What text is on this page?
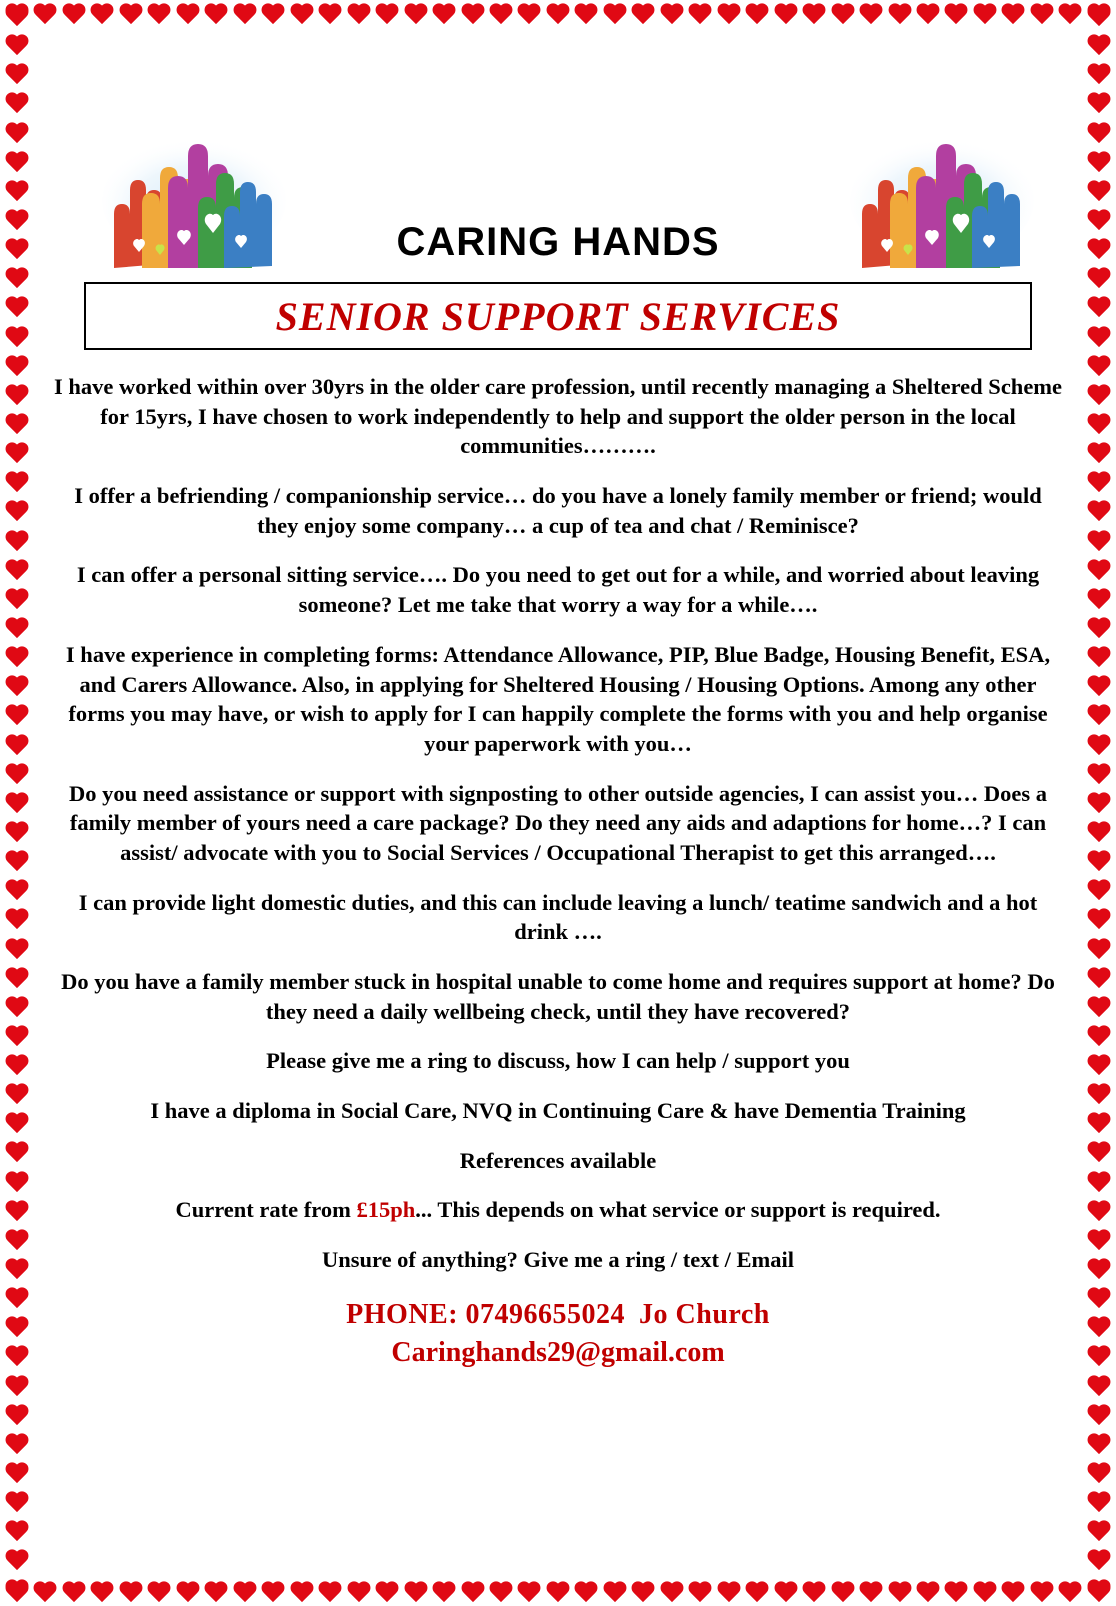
CARING HANDS
SENIOR SUPPORT SERVICES

I have worked within over 30yrs in the older care profession, until recently managing a Sheltered Scheme for 15yrs, I have chosen to work independently to help and support the older person in the local communities……….

I offer a befriending / companionship service… do you have a lonely family member or friend; would they enjoy some company… a cup of tea and chat / Reminisce?

I can offer a personal sitting service…. Do you need to get out for a while, and worried about leaving someone? Let me take that worry a way for a while….

I have experience in completing forms: Attendance Allowance, PIP, Blue Badge, Housing Benefit, ESA, and Carers Allowance. Also, in applying for Sheltered Housing / Housing Options. Among any other forms you may have, or wish to apply for I can happily complete the forms with you and help organise your paperwork with you…

Do you need assistance or support with signposting to other outside agencies, I can assist you… Does a family member of yours need a care package? Do they need any aids and adaptions for home…? I can assist/ advocate with you to Social Services / Occupational Therapist to get this arranged….

I can provide light domestic duties, and this can include leaving a lunch/ teatime sandwich and a hot drink ….

Do you have a family member stuck in hospital unable to come home and requires support at home? Do they need a daily wellbeing check, until they have recovered?

Please give me a ring to discuss, how I can help / support you

I have a diploma in Social Care, NVQ in Continuing Care & have Dementia Training

References available

Current rate from £15ph... This depends on what service or support is required.

Unsure of anything? Give me a ring / text / Email

PHONE: 07496655024 Jo Church
Caringhands29@gmail.com
